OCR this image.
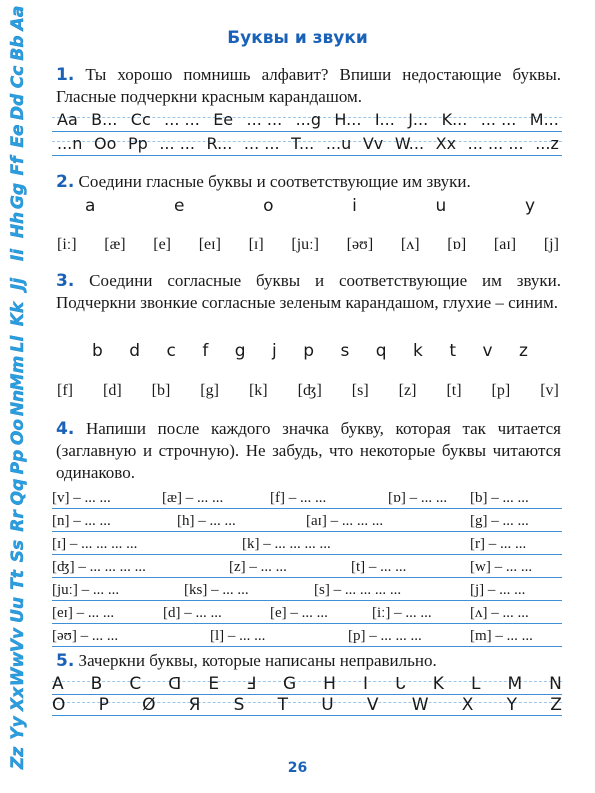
Aa
Bb
Cc
Dd
Ee
Ff
Gg
Hh
Ii
Jj
Kk
Ll
Mm
Nn
Oo
Pp
Qq
Rr
Ss
Tt
Uu
Vv
Ww
Xx
Yy
Zz
Буквы и звуки
1. Ты хорошо помнишь алфавит? Впиши недостающие буквы. Гласные подчеркни красным карандашом.
Aa B... Cc ... ... Ee ... ... ...g H... I... J... K... ... ... M...
...n Oo Pp ... ... R... ... ... T... ...u Vv W... Xx ... ... ... ...z
2. Соедини гласные буквы и соответствующие им звуки.
a	e	o	i	u	y
[iː] [æ] [e] [eɪ] [ɪ] [juː] [əʊ] [ʌ] [ɒ] [aɪ] [j]
3. Соедини согласные буквы и соответствующие им звуки. Подчеркни звонкие согласные зеленым карандашом, глухие – синим.
b d c f g j p s q k t v z
[f] [d] [b] [g] [k] [ʤ] [s] [z] [t] [p] [v]
4. Напиши после каждого значка букву, которая так читается (заглавную и строчную). Не забудь, что некоторые буквы читаются одинаково.
[v] – ... ...	[æ] – ... ...	[f] – ... ...	[ɒ] – ... ... [b] – ... ...
[n] – ... ...	[h] – ... ...	[aɪ] – ... ... ...	[g] – ... ...
[ɪ] – ... ... ... ...	[k] – ... ... ... ...	[r] – ... ...
[ʤ] – ... ... ... ...	[z] – ... ...	[t] – ... ...	[w] – ... ...
[juː] – ... ...	[ks] – ... ...	[s] – ... ... ... ...	[j] – ... ...
[eɪ] – ... ...	[d] – ... ...	[e] – ... ...	[iː] – ... ...	[ʌ] – ... ...
[əʊ] – ... ...	[l] – ... ...	[p] – ... ... ...	[m] – ... ...
5. Зачеркни буквы, которые написаны неправильно.
A B C ᗡ E Ⅎ G H I ᒐ K L M N
O P Ø Я S T U V W X Y Z
26
